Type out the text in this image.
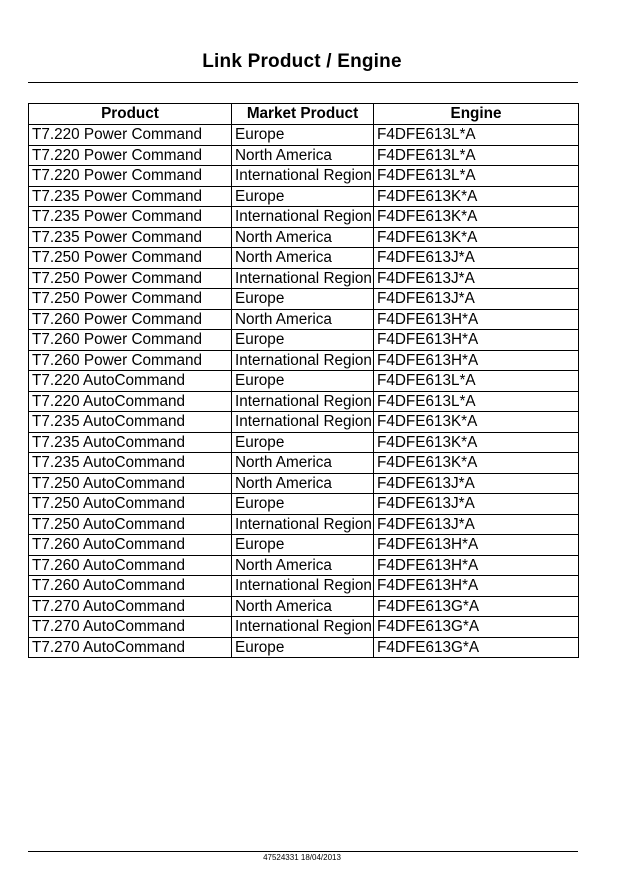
Link Product / Engine
Product	Market Product	Engine
T7.220 Power Command	Europe	F4DFE613L*A
T7.220 Power Command	North America	F4DFE613L*A
T7.220 Power Command	International Region	F4DFE613L*A
T7.235 Power Command	Europe	F4DFE613K*A
T7.235 Power Command	International Region	F4DFE613K*A
T7.235 Power Command	North America	F4DFE613K*A
T7.250 Power Command	North America	F4DFE613J*A
T7.250 Power Command	International Region	F4DFE613J*A
T7.250 Power Command	Europe	F4DFE613J*A
T7.260 Power Command	North America	F4DFE613H*A
T7.260 Power Command	Europe	F4DFE613H*A
T7.260 Power Command	International Region	F4DFE613H*A
T7.220 AutoCommand	Europe	F4DFE613L*A
T7.220 AutoCommand	International Region	F4DFE613L*A
T7.235 AutoCommand	International Region	F4DFE613K*A
T7.235 AutoCommand	Europe	F4DFE613K*A
T7.235 AutoCommand	North America	F4DFE613K*A
T7.250 AutoCommand	North America	F4DFE613J*A
T7.250 AutoCommand	Europe	F4DFE613J*A
T7.250 AutoCommand	International Region	F4DFE613J*A
T7.260 AutoCommand	Europe	F4DFE613H*A
T7.260 AutoCommand	North America	F4DFE613H*A
T7.260 AutoCommand	International Region	F4DFE613H*A
T7.270 AutoCommand	North America	F4DFE613G*A
T7.270 AutoCommand	International Region	F4DFE613G*A
T7.270 AutoCommand	Europe	F4DFE613G*A
47524331 18/04/2013
